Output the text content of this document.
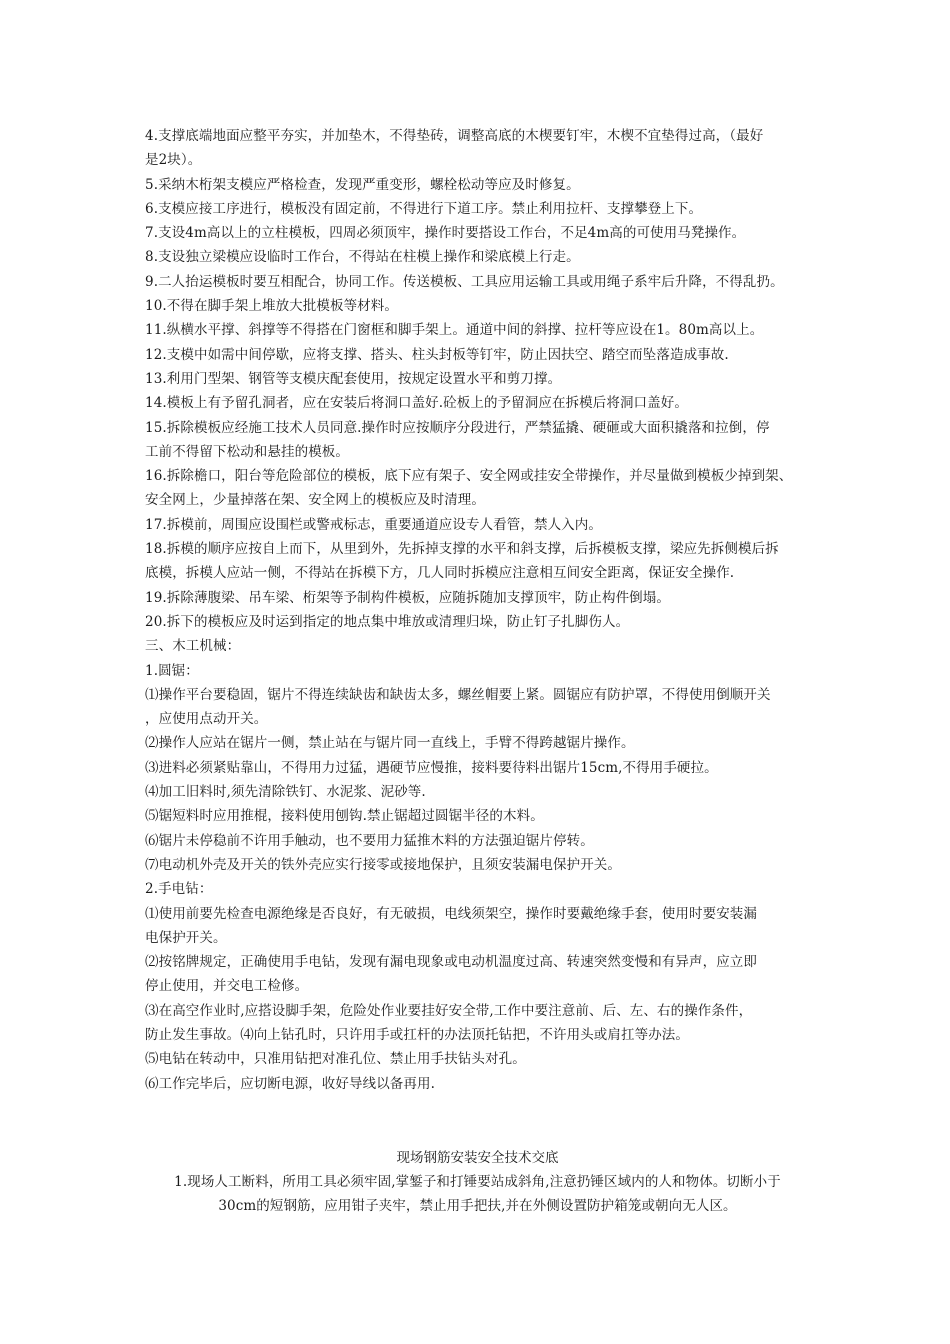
4.支撑底端地面应整平夯实，并加垫木，不得垫砖，调整高底的木楔要钉牢，木楔不宜垫得过高，（最好
是2块）。
5.采纳木桁架支模应严格检查，发现严重变形，螺栓松动等应及时修复。
6.支模应接工序进行，模板没有固定前，不得进行下道工序。禁止利用拉杆、支撑攀登上下。
7.支设4m高以上的立柱模板，四周必须顶牢，操作时要搭设工作台，不足4m高的可使用马凳操作。
8.支设独立梁模应设临时工作台，不得站在柱模上操作和梁底模上行走。
9.二人抬运模板时要互相配合，协同工作。传送模板、工具应用运输工具或用绳子系牢后升降，不得乱扔。
10.不得在脚手架上堆放大批模板等材料。
11.纵横水平撑、斜撑等不得搭在门窗框和脚手架上。通道中间的斜撑、拉杆等应设在1。80m高以上。
12.支模中如需中间停歇，应将支撑、搭头、柱头封板等钉牢，防止因扶空、踏空而坠落造成事故.
13.利用门型架、钢管等支模庆配套使用，按规定设置水平和剪刀撑。
14.模板上有予留孔洞者，应在安装后将洞口盖好.砼板上的予留洞应在拆模后将洞口盖好。
15.拆除模板应经施工技术人员同意.操作时应按顺序分段进行，严禁猛撬、硬砸或大面积撬落和拉倒，停
工前不得留下松动和悬挂的模板。
16.拆除檐口，阳台等危险部位的模板，底下应有架子、安全网或挂安全带操作，并尽量做到模板少掉到架、
安全网上，少量掉落在架、安全网上的模板应及时清理。
17.拆模前，周围应设围栏或警戒标志，重要通道应设专人看管，禁人入内。
18.拆模的顺序应按自上而下，从里到外，先拆掉支撑的水平和斜支撑，后拆模板支撑，梁应先拆侧模后拆
底模，拆模人应站一侧，不得站在拆模下方，几人同时拆模应注意相互间安全距离，保证安全操作.
19.拆除薄腹梁、吊车梁、桁架等予制构件模板，应随拆随加支撑顶牢，防止构件倒塌。
20.拆下的模板应及时运到指定的地点集中堆放或清理归垛，防止钉子扎脚伤人。
三、木工机械：
1.圆锯：
⑴操作平台要稳固，锯片不得连续缺齿和缺齿太多，螺丝帽要上紧。圆锯应有防护罩，不得使用倒顺开关
，应使用点动开关。
⑵操作人应站在锯片一侧，禁止站在与锯片同一直线上，手臂不得跨越锯片操作。
⑶进料必须紧贴靠山，不得用力过猛，遇硬节应慢推，接料要待料出锯片15cm,不得用手硬拉。
⑷加工旧料时,须先清除铁钉、水泥浆、泥砂等.
⑸锯短料时应用推棍，接料使用刨钩.禁止锯超过圆锯半径的木料。
⑹锯片未停稳前不许用手触动，也不要用力猛推木料的方法强迫锯片停转。
⑺电动机外壳及开关的铁外壳应实行接零或接地保护，且须安装漏电保护开关。
2.手电钻：
⑴使用前要先检查电源绝缘是否良好，有无破损，电线须架空，操作时要戴绝缘手套，使用时要安装漏
电保护开关。
⑵按铭牌规定，正确使用手电钻，发现有漏电现象或电动机温度过高、转速突然变慢和有异声，应立即
停止使用，并交电工检修。
⑶在高空作业时,应搭设脚手架，危险处作业要挂好安全带,工作中要注意前、后、左、右的操作条件，
防止发生事故。⑷向上钻孔时，只许用手或扛杆的办法顶托钻把，不许用头或肩扛等办法。
⑸电钻在转动中，只准用钻把对准孔位、禁止用手扶钻头对孔。
⑹工作完毕后，应切断电源，收好导线以备再用.
现场钢筋安装安全技术交底
1.现场人工断料，所用工具必须牢固,掌錾子和打锤要站成斜角,注意扔锤区域内的人和物体。切断小于
30cm的短钢筋，应用钳子夹牢，禁止用手把扶,并在外侧设置防护箱笼或朝向无人区。
